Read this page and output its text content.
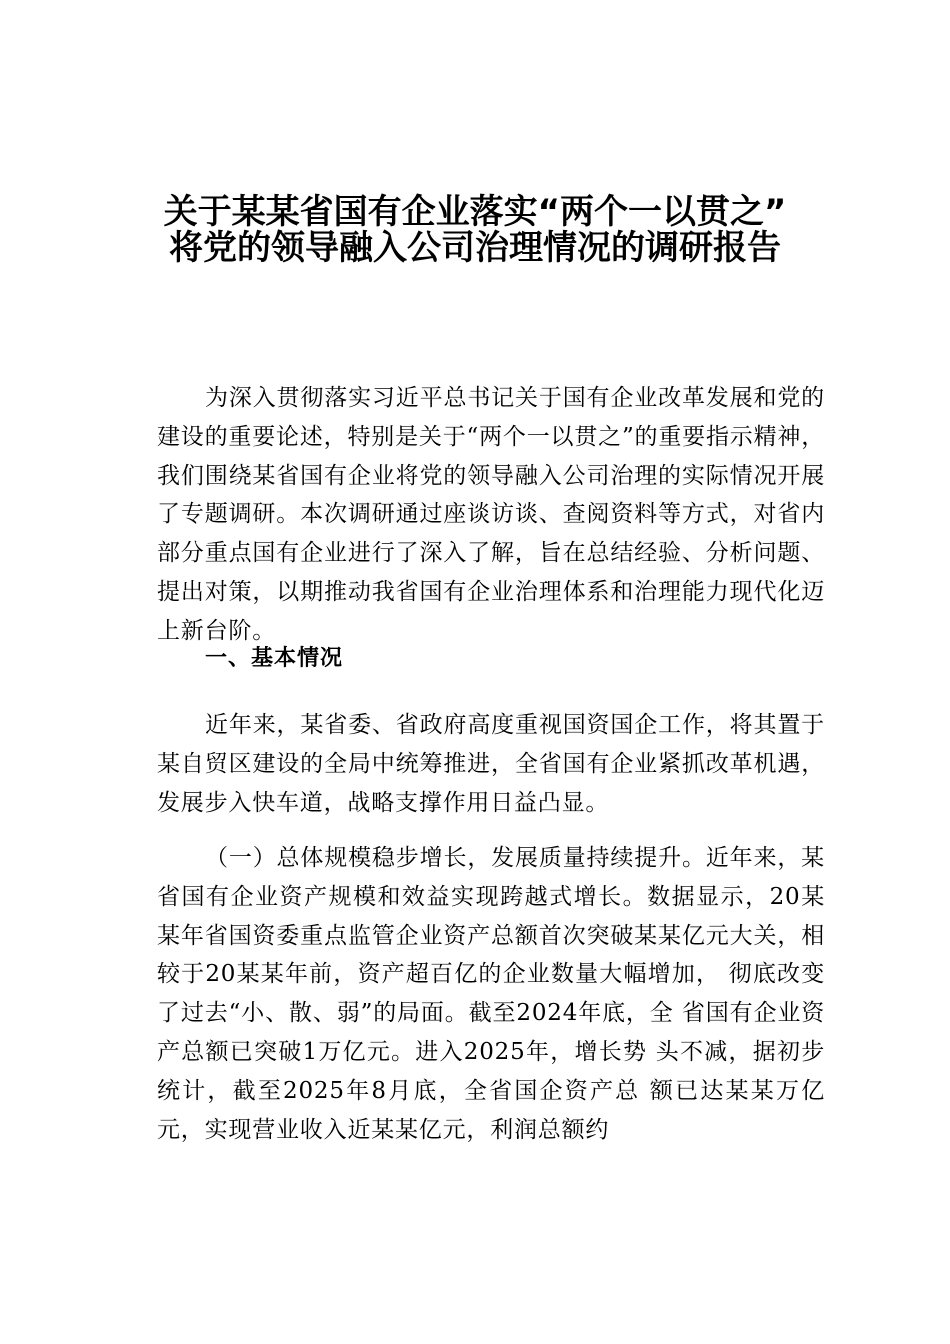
关于某某省国有企业落实“两个一以贯之”
将党的领导融入公司治理情况的调研报告

为深入贯彻落实习近平总书记关于国有企业改革发展和党的建设的重要论述，特别是关于“两个一以贯之”的重要指示精神，我们围绕某省国有企业将党的领导融入公司治理的实际情况开展了专题调研。本次调研通过座谈访谈、查阅资料等方式，对省内部分重点国有企业进行了深入了解，旨在总结经验、分析问题、提出对策，以期推动我省国有企业治理体系和治理能力现代化迈上新台阶。

一、基本情况

近年来，某省委、省政府高度重视国资国企工作，将其置于某自贸区建设的全局中统筹推进，全省国有企业紧抓改革机遇，发展步入快车道，战略支撑作用日益凸显。

（一）总体规模稳步增长，发展质量持续提升。近年来，某省国有企业资产规模和效益实现跨越式增长。数据显示，20某某年省国资委重点监管企业资产总额首次突破某某亿元大关，相较于20某某年前，资产超百亿的企业数量大幅增加， 彻底改变了过去“小、散、弱”的局面。截至2024年底，全 省国有企业资产总额已突破1万亿元。进入2025年，增长势 头不减，据初步统计，截至2025年8月底，全省国企资产总 额已达某某万亿元，实现营业收入近某某亿元，利润总额约
